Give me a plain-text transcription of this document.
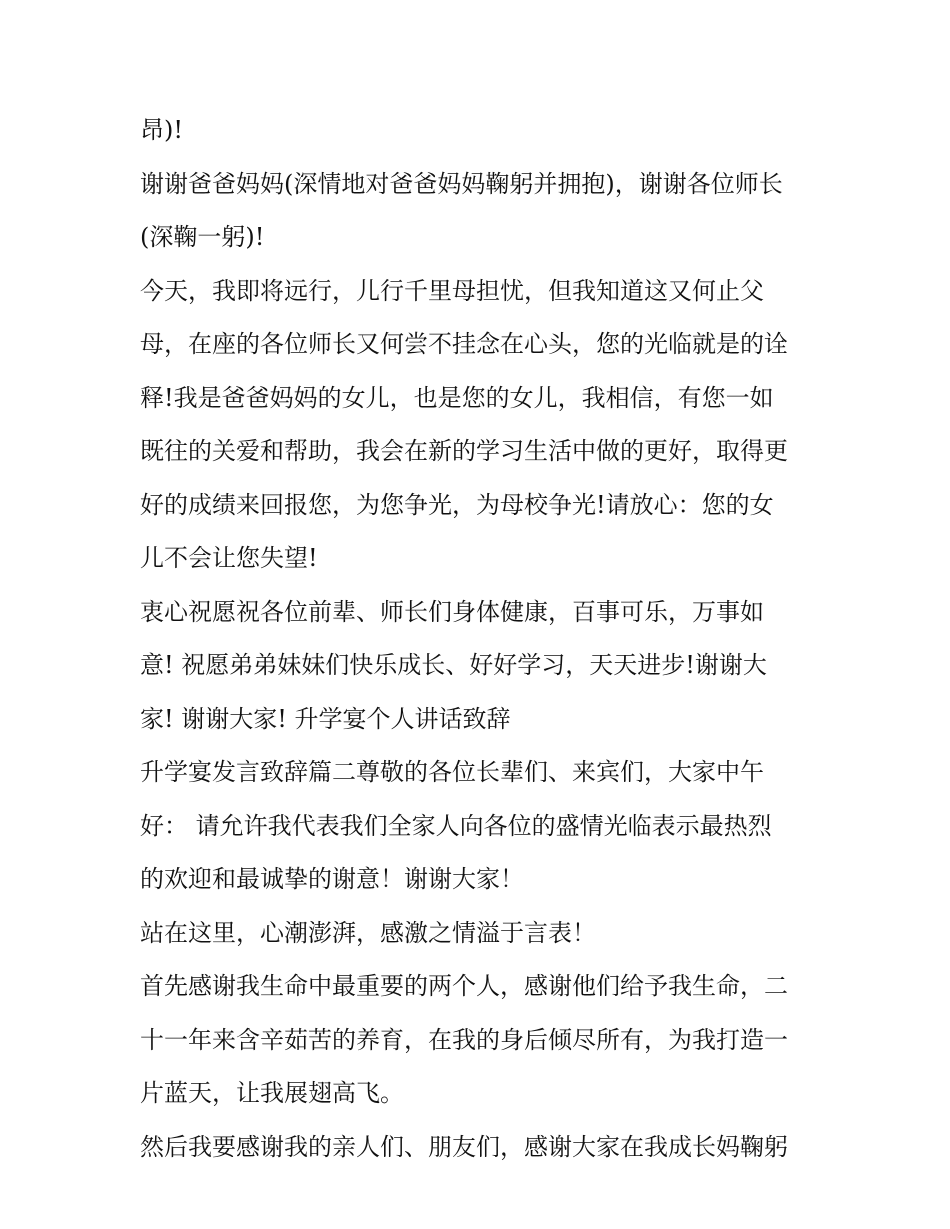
昂)!
谢谢爸爸妈妈(深情地对爸爸妈妈鞠躬并拥抱)，谢谢各位师长
(深鞠一躬)!
今天，我即将远行，儿行千里母担忧，但我知道这又何止父
母，在座的各位师长又何尝不挂念在心头，您的光临就是的诠
释!我是爸爸妈妈的女儿，也是您的女儿，我相信，有您一如
既往的关爱和帮助，我会在新的学习生活中做的更好，取得更
好的成绩来回报您，为您争光，为母校争光!请放心：您的女
儿不会让您失望!
衷心祝愿祝各位前辈、师长们身体健康，百事可乐，万事如
意! 祝愿弟弟妹妹们快乐成长、好好学习，天天进步!谢谢大
家! 谢谢大家! 升学宴个人讲话致辞
升学宴发言致辞篇二尊敬的各位长辈们、来宾们，大家中午
好： 请允许我代表我们全家人向各位的盛情光临表示最热烈
的欢迎和最诚挚的谢意！谢谢大家！
站在这里，心潮澎湃，感激之情溢于言表！
首先感谢我生命中最重要的两个人，感谢他们给予我生命，二
十一年来含辛茹苦的养育，在我的身后倾尽所有，为我打造一
片蓝天，让我展翅高飞。
然后我要感谢我的亲人们、朋友们，感谢大家在我成长妈鞠躬
